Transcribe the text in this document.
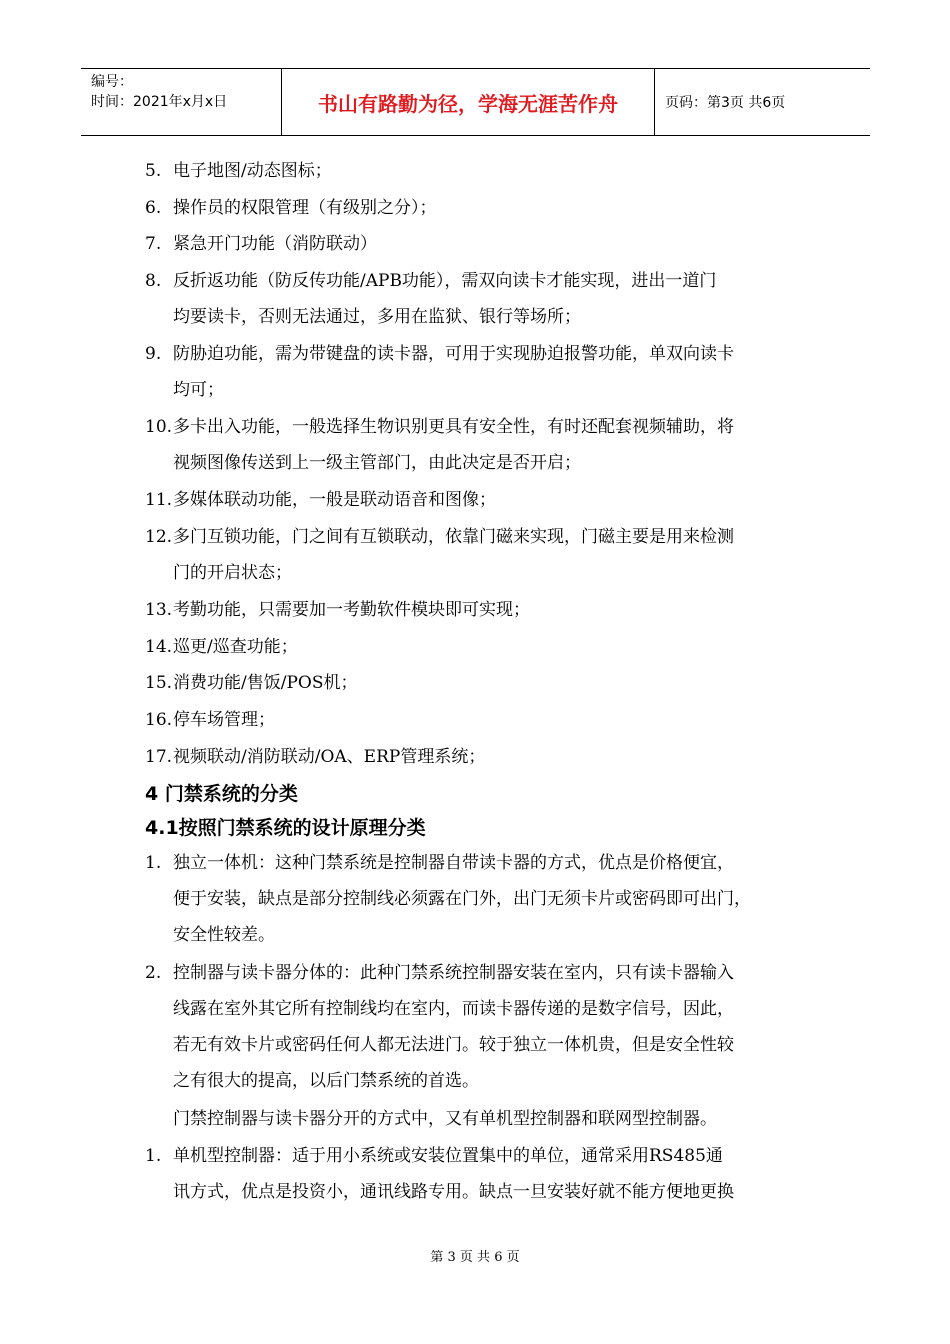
编号：
时间：2021年x月x日	书山有路勤为径，学海无涯苦作舟	页码：第3页 共6页
5. 电子地图/动态图标；
6. 操作员的权限管理（有级别之分）；
7. 紧急开门功能（消防联动）
8. 反折返功能（防反传功能/APB功能），需双向读卡才能实现，进出一道门
均要读卡，否则无法通过，多用在监狱、银行等场所；
9. 防胁迫功能，需为带键盘的读卡器，可用于实现胁迫报警功能，单双向读卡
均可；
10. 多卡出入功能，一般选择生物识别更具有安全性，有时还配套视频辅助，将
视频图像传送到上一级主管部门，由此决定是否开启；
11. 多媒体联动功能，一般是联动语音和图像；
12. 多门互锁功能，门之间有互锁联动，依靠门磁来实现，门磁主要是用来检测
门的开启状态；
13. 考勤功能，只需要加一考勤软件模块即可实现；
14. 巡更/巡查功能；
15. 消费功能/售饭/POS机；
16. 停车场管理；
17. 视频联动/消防联动/OA、ERP管理系统；
4 门禁系统的分类
4.1按照门禁系统的设计原理分类
1. 独立一体机：这种门禁系统是控制器自带读卡器的方式，优点是价格便宜，
便于安装，缺点是部分控制线必须露在门外，出门无须卡片或密码即可出门，
安全性较差。
2. 控制器与读卡器分体的：此种门禁系统控制器安装在室内，只有读卡器输入
线露在室外其它所有控制线均在室内，而读卡器传递的是数字信号，因此，
若无有效卡片或密码任何人都无法进门。较于独立一体机贵，但是安全性较
之有很大的提高，以后门禁系统的首选。
门禁控制器与读卡器分开的方式中，又有单机型控制器和联网型控制器。
1. 单机型控制器：适于用小系统或安装位置集中的单位，通常采用RS485通
讯方式，优点是投资小，通讯线路专用。缺点一旦安装好就不能方便地更换
第 3 页 共 6 页
